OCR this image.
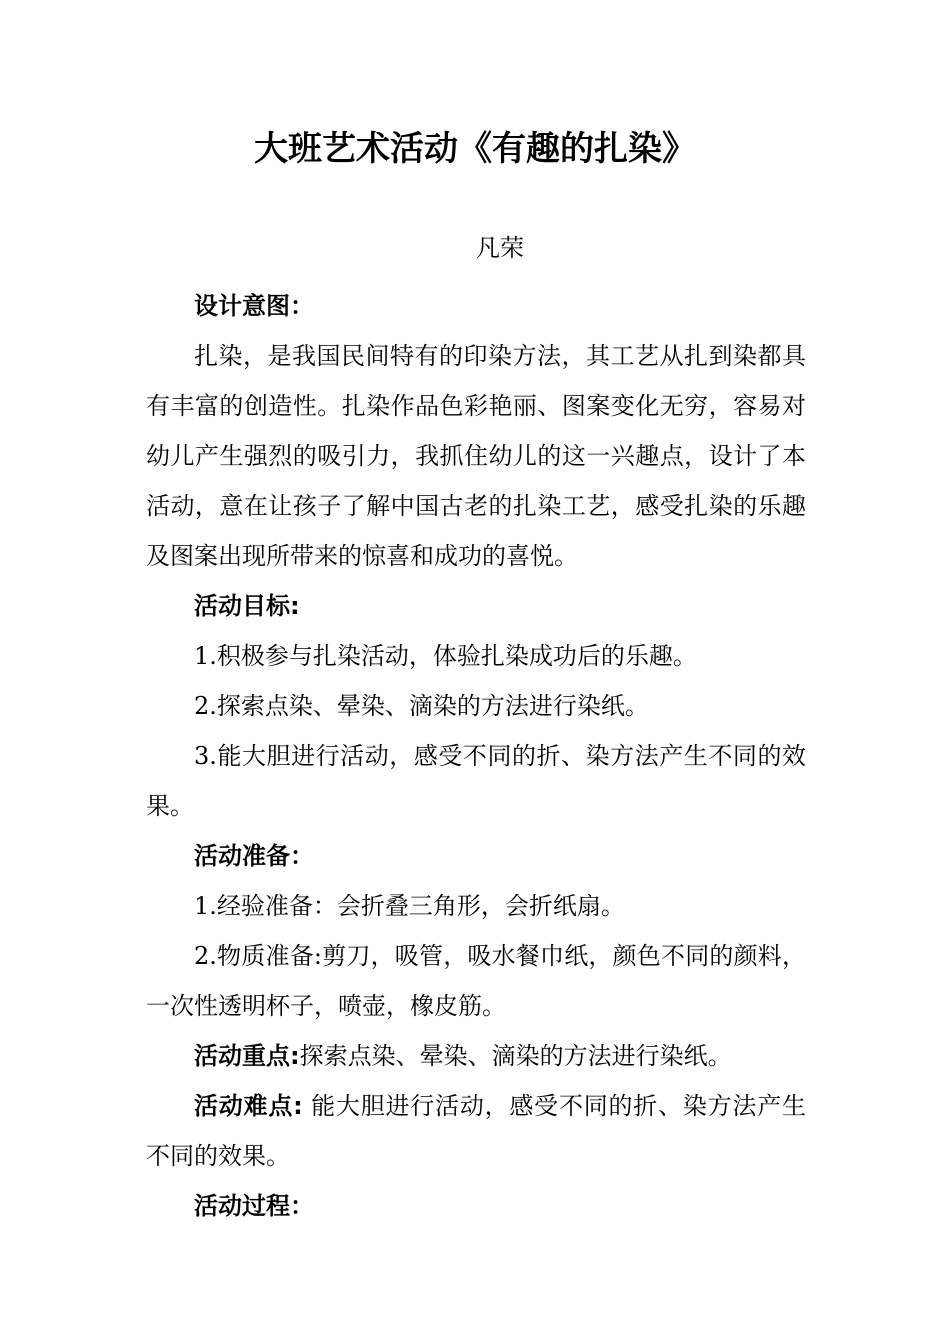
大班艺术活动《有趣的扎染》
凡荣

设计意图：

扎染，是我国民间特有的印染方法，其工艺从扎到染都具有丰富的创造性。扎染作品色彩艳丽、图案变化无穷，容易对幼儿产生强烈的吸引力，我抓住幼儿的这一兴趣点，设计了本活动，意在让孩子了解中国古老的扎染工艺，感受扎染的乐趣及图案出现所带来的惊喜和成功的喜悦。

活动目标:

1.积极参与扎染活动，体验扎染成功后的乐趣。

2.探索点染、晕染、滴染的方法进行染纸。

3.能大胆进行活动，感受不同的折、染方法产生不同的效果。

活动准备：

1.经验准备：会折叠三角形，会折纸扇。

2.物质准备:剪刀，吸管，吸水餐巾纸，颜色不同的颜料，一次性透明杯子，喷壶，橡皮筋。

活动重点:探索点染、晕染、滴染的方法进行染纸。

活动难点: 能大胆进行活动，感受不同的折、染方法产生不同的效果。

活动过程：
